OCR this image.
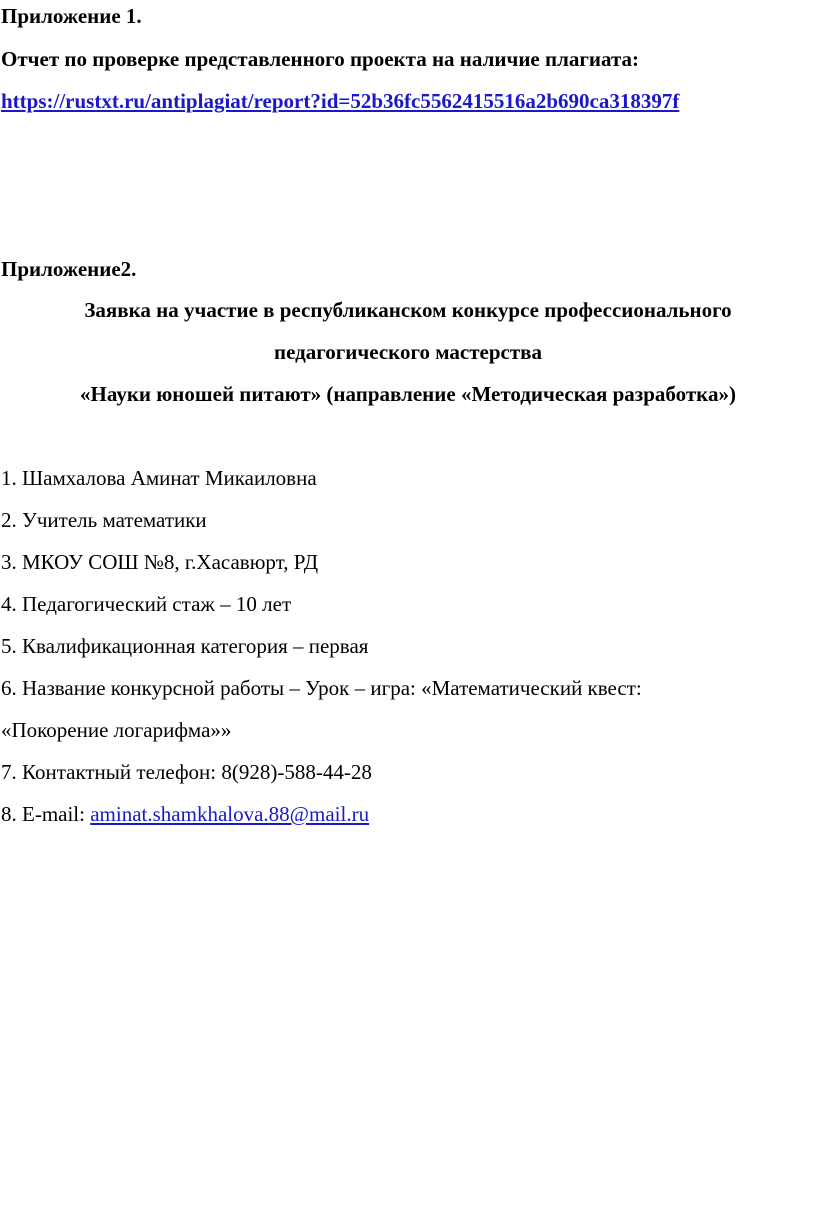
Приложение 1.
Отчет по проверке представленного проекта на наличие плагиата:
https://rustxt.ru/antiplagiat/report?id=52b36fc5562415516a2b690ca318397f
Приложение2.
Заявка на участие в республиканском конкурсе профессионального
педагогического мастерства
«Науки юношей питают» (направление «Методическая разработка»)
1. Шамхалова Аминат Микаиловна
2. Учитель математики
3. МКОУ СОШ №8, г.Хасавюрт, РД
4. Педагогический стаж – 10 лет
5. Квалификационная категория – первая
6. Название конкурсной работы – Урок – игра: «Математический квест:
«Покорение логарифма»»
7. Контактный телефон: 8(928)-588-44-28
8. E-mail: aminat.shamkhalova.88@mail.ru
